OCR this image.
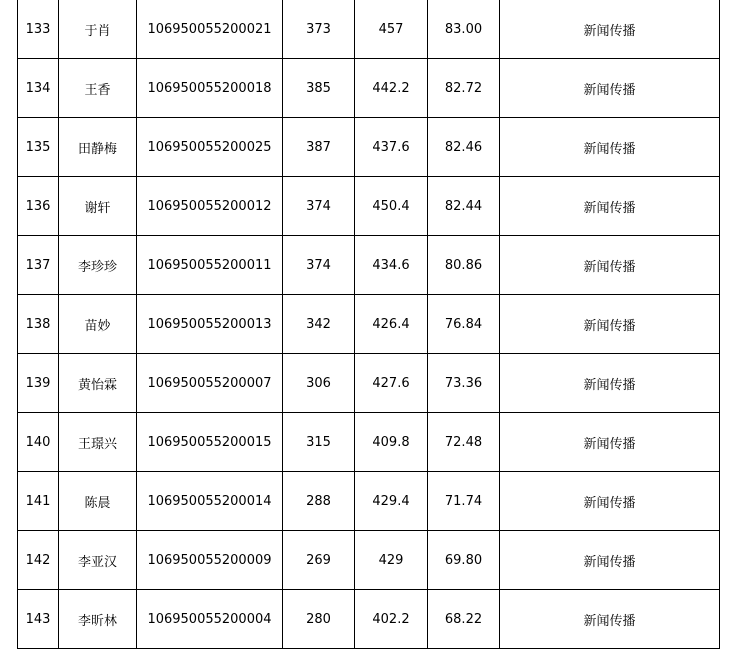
133	于肖	106950055200021	373	457	83.00	新闻传播
134	王香	106950055200018	385	442.2	82.72	新闻传播
135	田静梅	106950055200025	387	437.6	82.46	新闻传播
136	谢轩	106950055200012	374	450.4	82.44	新闻传播
137	李珍珍	106950055200011	374	434.6	80.86	新闻传播
138	苗妙	106950055200013	342	426.4	76.84	新闻传播
139	黄怡霖	106950055200007	306	427.6	73.36	新闻传播
140	王璟兴	106950055200015	315	409.8	72.48	新闻传播
141	陈晨	106950055200014	288	429.4	71.74	新闻传播
142	李亚汉	106950055200009	269	429	69.80	新闻传播
143	李昕林	106950055200004	280	402.2	68.22	新闻传播
